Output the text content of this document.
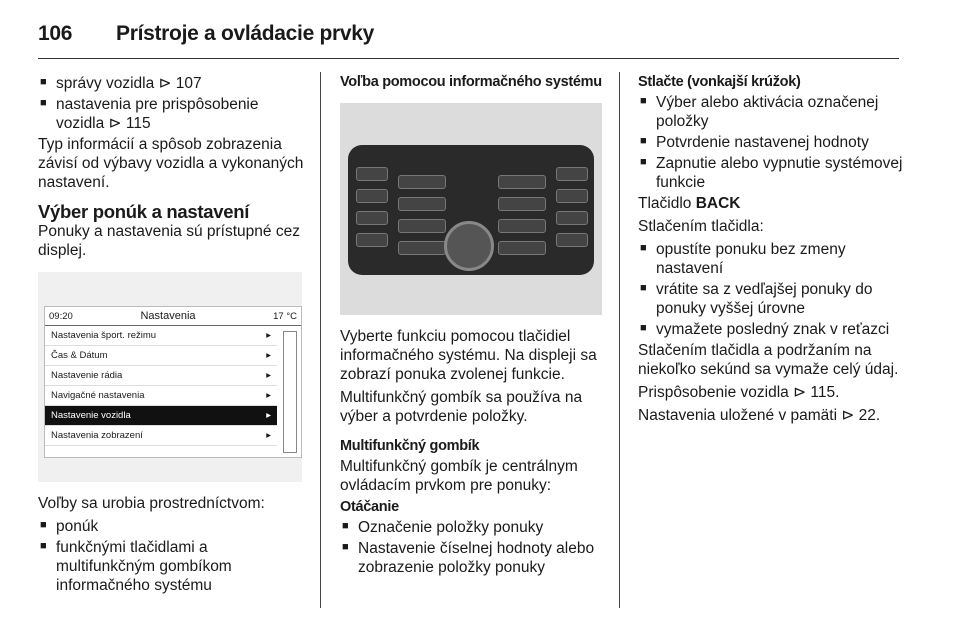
106 Prístroje a ovládacie prvky
■ správy vozidla ⊳ 107
■ nastavenia pre prispôsobenie vozidla ⊳ 115
Typ informácií a spôsob zobrazenia závisí od výbavy vozidla a vykonaných nastavení.
Výber ponúk a nastavení
Ponuky a nastavenia sú prístupné cez displej.
09:20	Nastavenia	17 °C
Nastavenia šport. režimu	▸
Čas & Dátum	▸
Nastavenie rádia	▸
Navigačné nastavenia	▸
Nastavenie vozidla	▸
Nastavenia zobrazení	▸
Voľby sa urobia prostredníctvom:
■ ponúk
■ funkčnými tlačidlami a multifunkčným gombíkom informačného systému
Voľba pomocou informačného systému
Vyberte funkciu pomocou tlačidiel informačného systému. Na displeji sa zobrazí ponuka zvolenej funkcie.
Multifunkčný gombík sa používa na výber a potvrdenie položky.
Multifunkčný gombík
Multifunkčný gombík je centrálnym ovládacím prvkom pre ponuky:
Otáčanie
■ Označenie položky ponuky
■ Nastavenie číselnej hodnoty alebo zobrazenie položky ponuky
Stlačte (vonkajší krúžok)
■ Výber alebo aktivácia označenej položky
■ Potvrdenie nastavenej hodnoty
■ Zapnutie alebo vypnutie systémovej funkcie
Tlačidlo BACK
Stlačením tlačidla:
■ opustíte ponuku bez zmeny nastavení
■ vrátite sa z vedľajšej ponuky do ponuky vyššej úrovne
■ vymažete posledný znak v reťazci
Stlačením tlačidla a podržaním na niekoľko sekúnd sa vymaže celý údaj.
Prispôsobenie vozidla ⊳ 115.
Nastavenia uložené v pamäti ⊳ 22.
